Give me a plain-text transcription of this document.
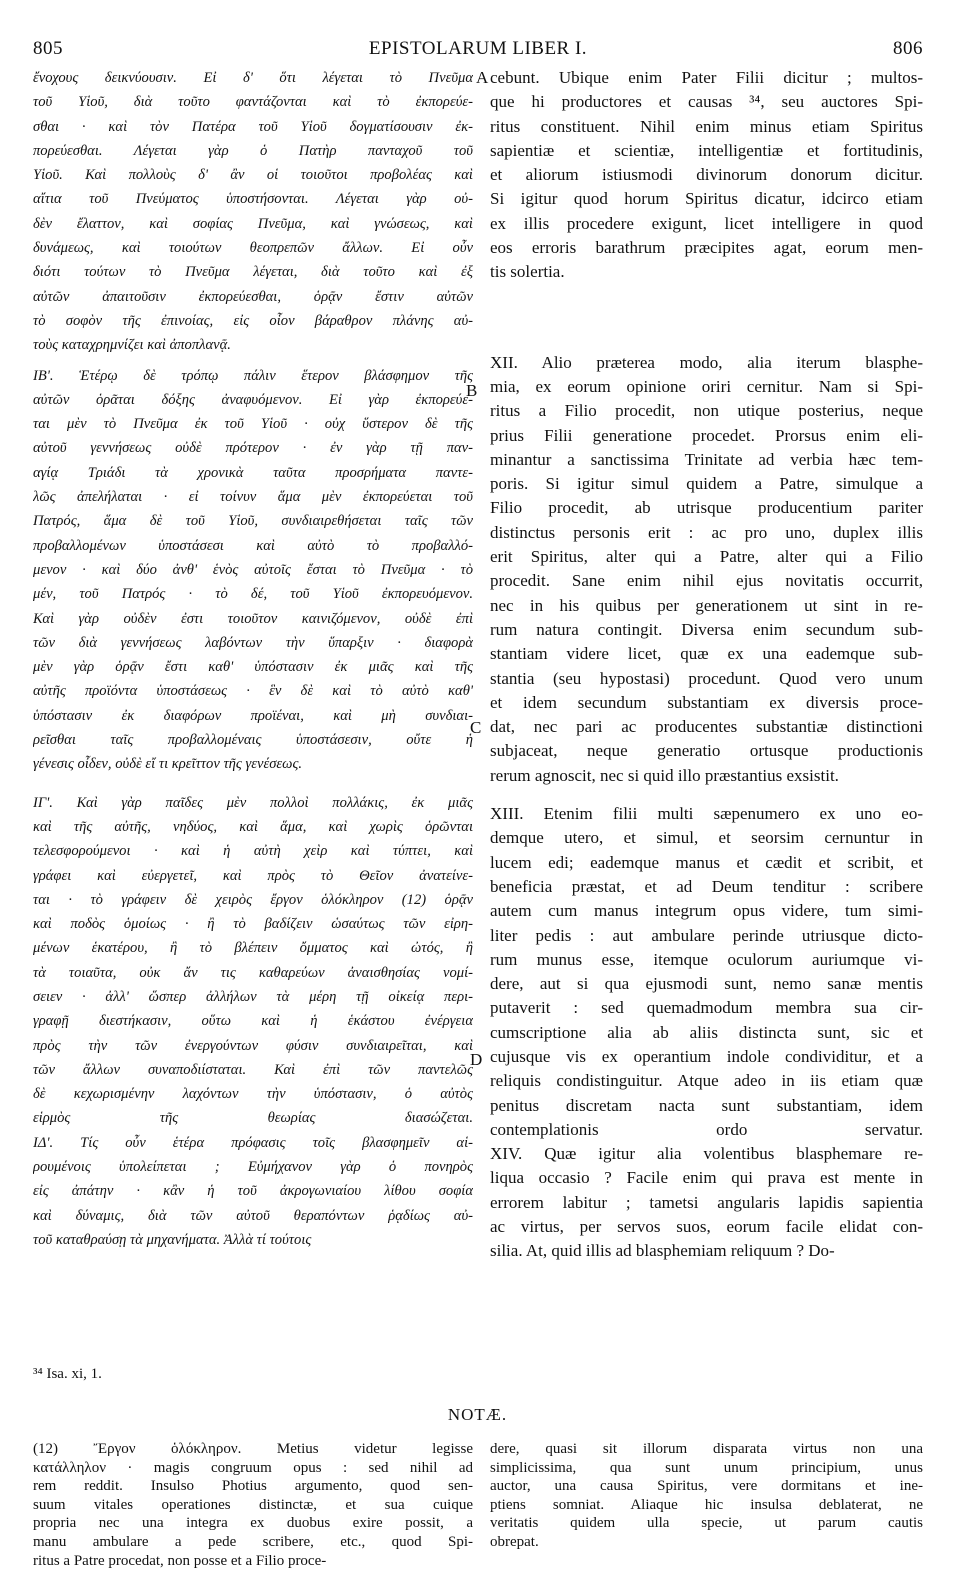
805	EPISTOLARUM LIBER I.	806
ἔνοχους δεικνύουσιν. Εἰ δ' ὅτι λέγεται τὸ Πνεῦμα
τοῦ Υἱοῦ, διὰ τοῦτο φαντάζονται καὶ τὸ ἐκπορεύε-
σθαι · καὶ τὸν Πατέρα τοῦ Υἱοῦ δογματίσουσιν ἐκ-
πορεύεσθαι. Λέγεται γὰρ ὁ Πατὴρ πανταχοῦ τοῦ
Υἱοῦ. Καὶ πολλοὺς δ' ἂν οἱ τοιοῦτοι προβολέας καὶ
αἴτια τοῦ Πνεύματος ὑποστήσονται. Λέγεται γὰρ οὐ-
δὲν ἔλαττον, καὶ σοφίας Πνεῦμα, καὶ γνώσεως, καὶ
δυνάμεως, καὶ τοιούτων θεοπρεπῶν ἄλλων. Εἰ οὖν
διότι τούτων τὸ Πνεῦμα λέγεται, διὰ τοῦτο καὶ ἐξ
αὐτῶν ἀπαιτοῦσιν ἐκπορεύεσθαι, ὁρᾷν ἔστιν αὐτῶν
τὸ σοφὸν τῆς ἐπινοίας, εἰς οἷον βάραθρον πλάνης αὐ-
τοὺς καταχρημνίζει καὶ ἀποπλανᾷ.
ΙΒ'. Ἑτέρῳ δὲ τρόπῳ πάλιν ἕτερον βλάσφημον τῆς
αὐτῶν ὁρᾶται δόξης ἀναφυόμενον. Εἰ γὰρ ἐκπορεύε-
ται μὲν τὸ Πνεῦμα ἐκ τοῦ Υἱοῦ · οὐχ ὕστερον δὲ τῆς
αὐτοῦ γεννήσεως οὐδὲ πρότερον · ἐν γὰρ τῇ παν-
αγίᾳ Τριάδι τὰ χρονικὰ ταῦτα προσρήματα παντε-
λῶς ἀπελήλαται · εἰ τοίνυν ἅμα μὲν ἐκπορεύεται τοῦ
Πατρός, ἅμα δὲ τοῦ Υἱοῦ, συνδιαιρεθήσεται ταῖς τῶν
προβαλλομένων ὑποστάσεσι καὶ αὐτὸ τὸ προβαλλό-
μενον · καὶ δύο ἀνθ' ἑνὸς αὐτοῖς ἔσται τὸ Πνεῦμα · τὸ
μέν, τοῦ Πατρός · τὸ δέ, τοῦ Υἱοῦ ἐκπορευόμενον.
Καὶ γὰρ οὐδὲν ἐστι τοιοῦτον καινιζόμενον, οὐδὲ ἐπὶ
τῶν διὰ γεννήσεως λαβόντων τὴν ὕπαρξιν · διαφορὰ
μὲν γὰρ ὁρᾷν ἔστι καθ' ὑπόστασιν ἐκ μιᾶς καὶ τῆς
αὐτῆς προϊόντα ὑποστάσεως · ἓν δὲ καὶ τὸ αὐτὸ καθ'
ὑπόστασιν ἐκ διαφόρων προϊέναι, καὶ μὴ συνδιαι-
ρεῖσθαι ταῖς προβαλλομέναις ὑποστάσεσιν, οὔτε ἡ
γένεσις οἶδεν, οὐδὲ εἴ τι κρεῖττον τῆς γενέσεως.
ΙΓ'. Καὶ γὰρ παῖδες μὲν πολλοὶ πολλάκις, ἐκ μιᾶς
καὶ τῆς αὐτῆς, νηδύος, καὶ ἅμα, καὶ χωρὶς ὁρῶνται
τελεσφορούμενοι · καὶ ἡ αὐτὴ χεὶρ καὶ τύπτει, καὶ
γράφει καὶ εὐεργετεῖ, καὶ πρὸς τὸ Θεῖον ἀνατείνε-
ται · τὸ γράφειν δὲ χειρὸς ἔργον ὁλόκληρον (12) ὁρᾷν
καὶ ποδὸς ὁμοίως · ἢ τὸ βαδίζειν ὡσαύτως τῶν εἰρη-
μένων ἑκατέρου, ἢ τὸ βλέπειν ὄμματος καὶ ὠτός, ἢ
τὰ τοιαῦτα, οὐκ ἄν τις καθαρεύων ἀναισθησίας νομί-
σειεν · ἀλλ' ὥσπερ ἀλλήλων τὰ μέρη τῇ οἰκείᾳ περι-
γραφῇ διεστήκασιν, οὕτω καὶ ἡ ἑκάστου ἐνέργεια
πρὸς τὴν τῶν ἐνεργούντων φύσιν συνδιαιρεῖται, καὶ
τῶν ἄλλων συναποδιίσταται. Καὶ ἐπὶ τῶν παντελῶς
δὲ κεχωρισμένην λαχόντων τὴν ὑπόστασιν, ὁ αὐτὸς
εἱρμὸς τῆς θεωρίας διασώζεται.
ΙΔ'. Τίς οὖν ἑτέρα πρόφασις τοῖς βλασφημεῖν αἱ-
ρουμένοις ὑπολείπεται ; Εὐμήχανον γὰρ ὁ πονηρὸς
εἰς ἀπάτην · κἂν ἡ τοῦ ἀκρογωνιαίου λίθου σοφία
καὶ δύναμις, διὰ τῶν αὐτοῦ θεραπόντων ῥᾳδίως αὐ-
τοῦ καταθραύσῃ τὰ μηχανήματα. Ἀλλὰ τί τούτοις
cebunt. Ubique enim Pater Filii dicitur ; multos-
que hi productores et causas ³⁴, seu auctores Spi-
ritus constituent. Nihil enim minus etiam Spiritus
sapientiæ et scientiæ, intelligentiæ et fortitudinis,
et aliorum istiusmodi divinorum donorum dicitur.
Si igitur quod horum Spiritus dicatur, idcirco etiam
ex illis procedere exigunt, licet intelligere in quod
eos erroris barathrum præcipites agat, eorum men-
tis solertia.
XII. Alio præterea modo, alia iterum blasphe-
mia, ex eorum opinione oriri cernitur. Nam si Spi-
ritus a Filio procedit, non utique posterius, neque
prius Filii generatione procedet. Prorsus enim eli-
minantur a sanctissima Trinitate ad verbia hæc tem-
poris. Si igitur simul quidem a Patre, simulque a
Filio procedit, ab utrisque producentium pariter
distinctus personis erit : ac pro uno, duplex illis
erit Spiritus, alter qui a Patre, alter qui a Filio
procedit. Sane enim nihil ejus novitatis occurrit,
nec in his quibus per generationem ut sint in re-
rum natura contingit. Diversa enim secundum sub-
stantiam videre licet, quæ ex una eademque sub-
stantia (seu hypostasi) procedunt. Quod vero unum
et idem secundum substantiam ex diversis proce-
dat, nec pari ac producentes substantiæ distinctioni
subjaceat, neque generatio ortusque productionis
rerum agnoscit, nec si quid illo præstantius exsistit.
XIII. Etenim filii multi sæpenumero ex uno eo-
demque utero, et simul, et seorsim cernuntur in
lucem edi; eademque manus et cædit et scribit, et
beneficia præstat, et ad Deum tenditur : scribere
autem cum manus integrum opus videre, tum simi-
liter pedis : aut ambulare perinde utriusque dicto-
rum munus esse, itemque oculorum auriumque vi-
dere, aut si qua ejusmodi sunt, nemo sanæ mentis
putaverit : sed quemadmodum membra sua cir-
cumscriptione alia ab aliis distincta sunt, sic et
cujusque vis ex operantium indole condividitur, et a
reliquis condistinguitur. Atque adeo in iis etiam quæ
penitus discretam nacta sunt substantiam, idem
contemplationis ordo servatur.
XIV. Quæ igitur alia volentibus blasphemare re-
liqua occasio ? Facile enim qui prava est mente in
errorem labitur ; tametsi angularis lapidis sapientia
ac virtus, per servos suos, eorum facile elidat con-
silia. At, quid illis ad blasphemiam reliquum ? Do-
A
B
C
D
³⁴ Isa. xi, 1.
NOTÆ.
(12) Ἔργον ὁλόκληρον. Metius videtur legisse
κατάλληλον · magis congruum opus : sed nihil ad
rem reddit. Insulso Photius argumento, quod sen-
suum vitales operationes distinctæ, et sua cuique
propria nec una integra ex duobus exire possit, a
manu ambulare a pede scribere, etc., quod Spi-
ritus a Patre procedat, non posse et a Filio proce-
dere, quasi sit illorum disparata virtus non una
simplicissima, qua sunt unum principium, unus
auctor, una causa Spiritus, vere dormitans et ine-
ptiens somniat. Aliaque hic insulsa deblaterat, ne
veritatis quidem ulla specie, ut parum cautis
obrepat.
